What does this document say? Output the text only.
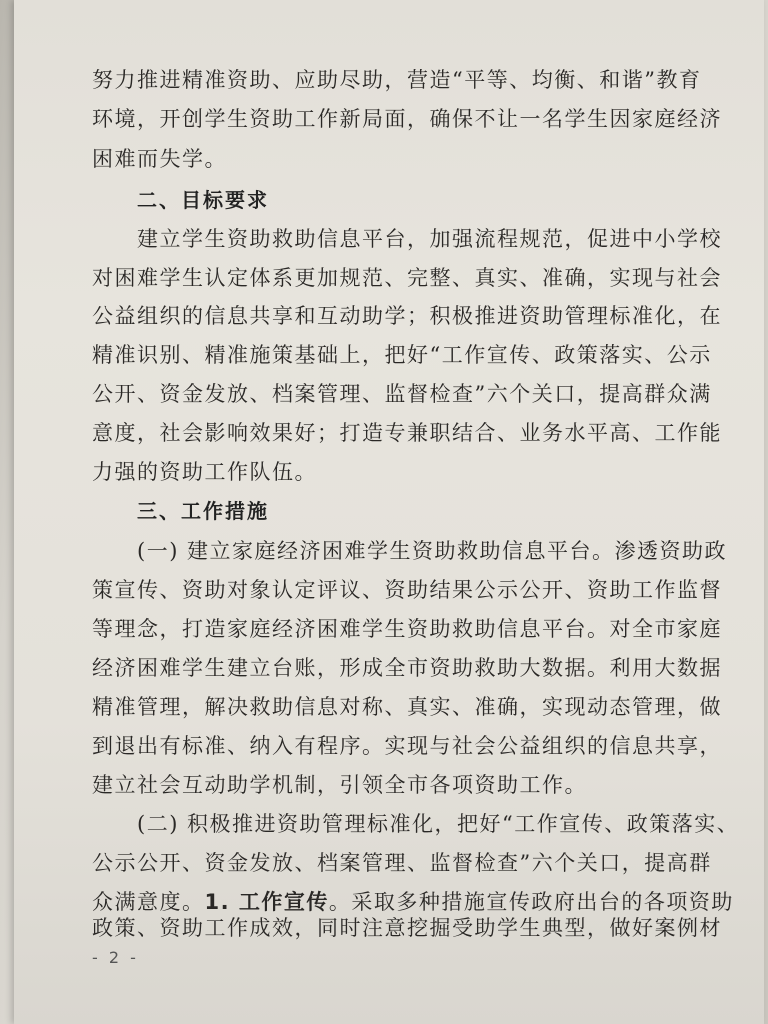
努力推进精准资助、应助尽助，营造“平等、均衡、和谐”教育
环境，开创学生资助工作新局面，确保不让一名学生因家庭经济
困难而失学。
二、目标要求
建立学生资助救助信息平台，加强流程规范，促进中小学校
对困难学生认定体系更加规范、完整、真实、准确，实现与社会
公益组织的信息共享和互动助学；积极推进资助管理标准化，在
精准识别、精准施策基础上，把好“工作宣传、政策落实、公示
公开、资金发放、档案管理、监督检查”六个关口，提高群众满
意度，社会影响效果好；打造专兼职结合、业务水平高、工作能
力强的资助工作队伍。
三、工作措施
(一) 建立家庭经济困难学生资助救助信息平台。渗透资助政
策宣传、资助对象认定评议、资助结果公示公开、资助工作监督
等理念，打造家庭经济困难学生资助救助信息平台。对全市家庭
经济困难学生建立台账，形成全市资助救助大数据。利用大数据
精准管理，解决救助信息对称、真实、准确，实现动态管理，做
到退出有标准、纳入有程序。实现与社会公益组织的信息共享，
建立社会互动助学机制，引领全市各项资助工作。
(二) 积极推进资助管理标准化，把好“工作宣传、政策落实、
公示公开、资金发放、档案管理、监督检查”六个关口，提高群
众满意度。1. 工作宣传。采取多种措施宣传政府出台的各项资助
政策、资助工作成效，同时注意挖掘受助学生典型，做好案例材
- 2 -
